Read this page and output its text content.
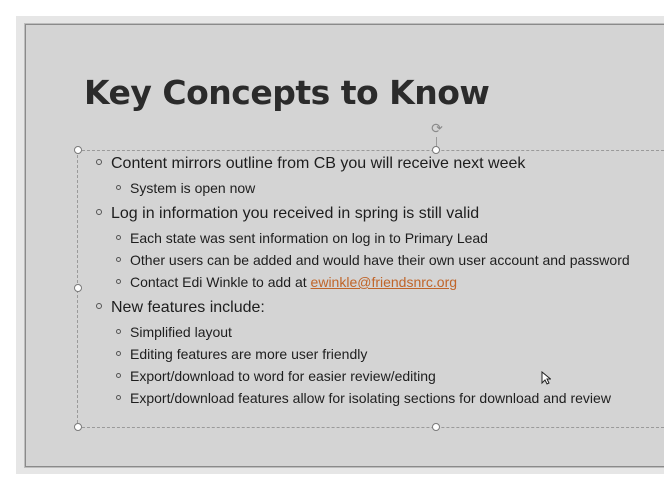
Key Concepts to Know
⟳
Content mirrors outline from CB you will receive next week
System is open now
Log in information you received in spring is still valid
Each state was sent information on log in to Primary Lead
Other users can be added and would have their own user account and password
Contact Edi Winkle to add at ewinkle@friendsnrc.org
New features include:
Simplified layout
Editing features are more user friendly
Export/download to word for easier review/editing
Export/download features allow for isolating sections for download and review
